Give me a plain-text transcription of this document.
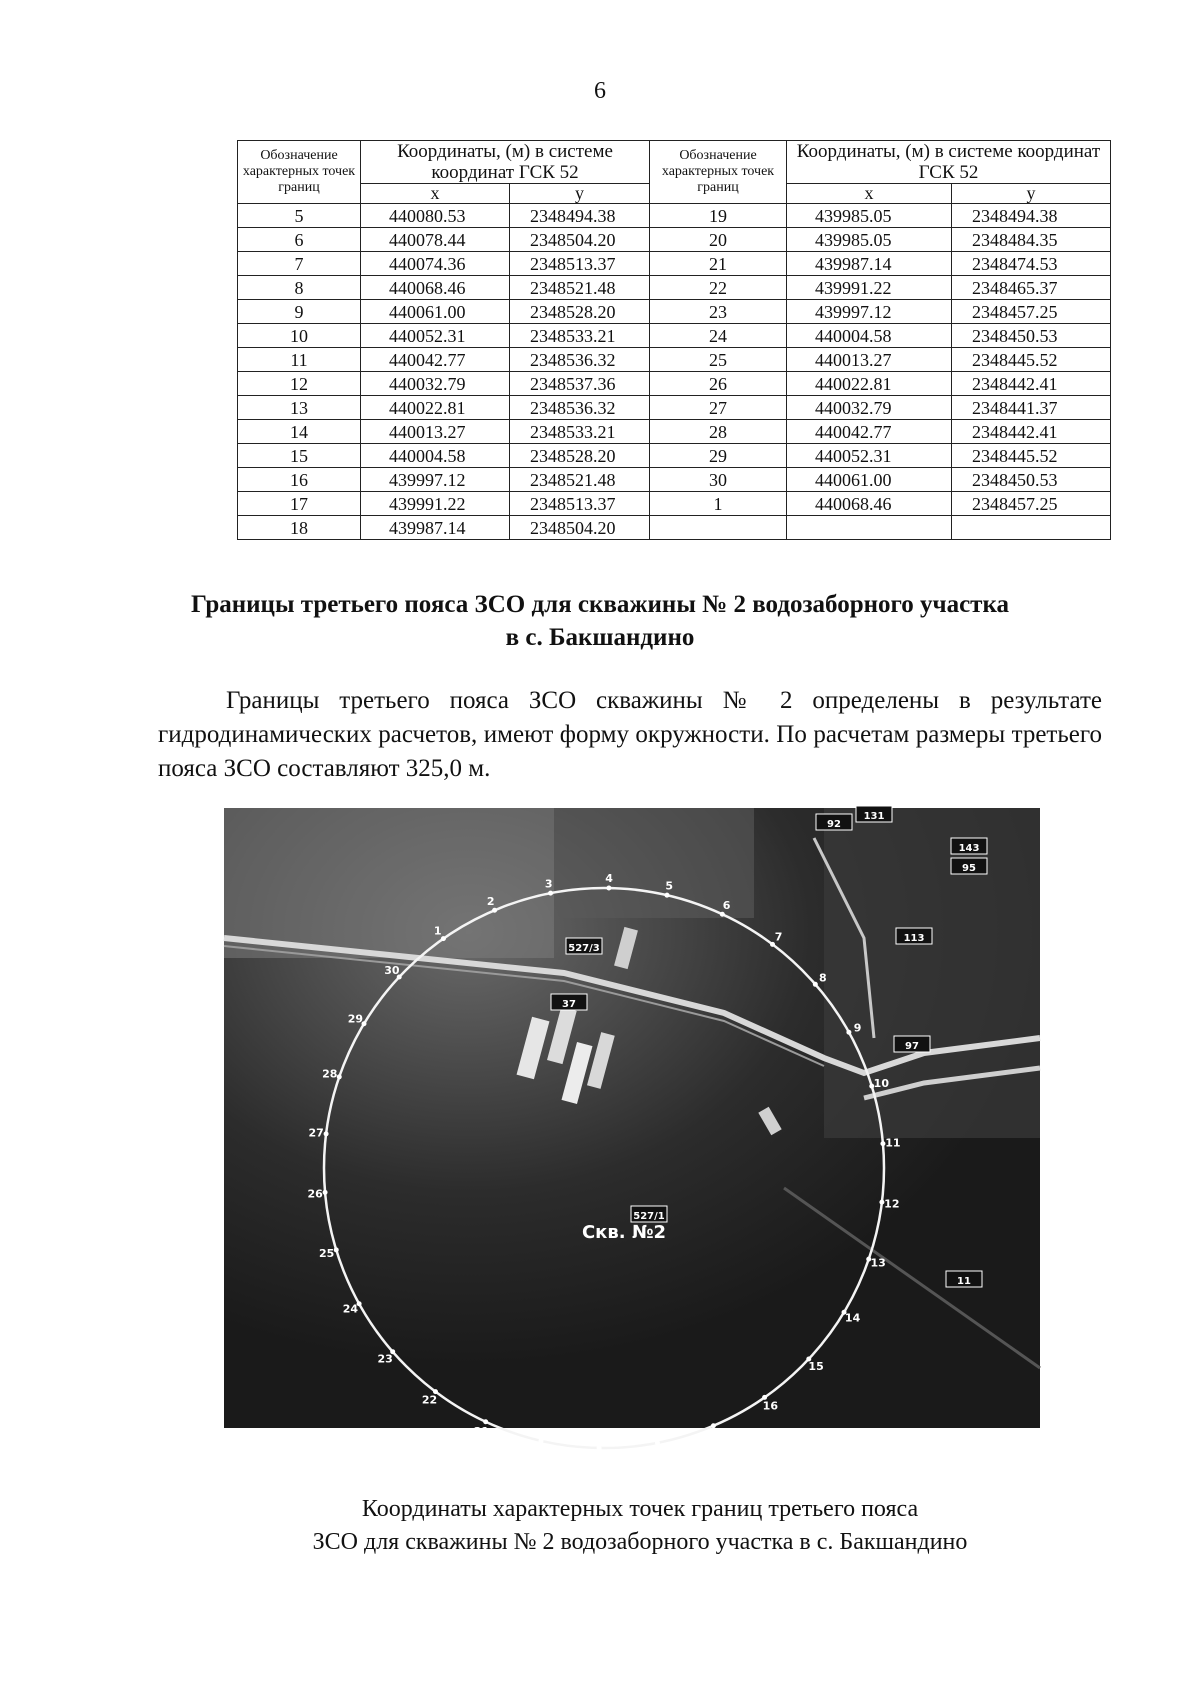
6
Обозначение характерных точек границ	Координаты, (м) в системе координат ГСК 52		Обозначение характерных точек границ	Координаты, (м) в системе координат ГСК 52	
	x	y		x	y
5	440080.53	2348494.38	19	439985.05	2348494.38
6	440078.44	2348504.20	20	439985.05	2348484.35
7	440074.36	2348513.37	21	439987.14	2348474.53
8	440068.46	2348521.48	22	439991.22	2348465.37
9	440061.00	2348528.20	23	439997.12	2348457.25
10	440052.31	2348533.21	24	440004.58	2348450.53
11	440042.77	2348536.32	25	440013.27	2348445.52
12	440032.79	2348537.36	26	440022.81	2348442.41
13	440022.81	2348536.32	27	440032.79	2348441.37
14	440013.27	2348533.21	28	440042.77	2348442.41
15	440004.58	2348528.20	29	440052.31	2348445.52
16	439997.12	2348521.48	30	440061.00	2348450.53
17	439991.22	2348513.37	1	440068.46	2348457.25
18	439987.14	2348504.20			
Границы третьего пояса ЗСО для скважины № 2 водозаборного участка
в с. Бакшандино

Границы третьего пояса ЗСО скважины № 2 определены в результате гидродинамических расчетов, имеют форму окружности. По расчетам размеры третьего пояса ЗСО составляют 325,0 м.

1
2
3	4
5
6
7
8
9
10
11
12
13
14
15
16
17
18
19
20
21
22
23
24
25
26
27
28
29
30
527/3
527/1
37
113
97
95
143
131
11
92
Скв. №2
Координаты характерных точек границ третьего пояса
ЗСО для скважины № 2 водозаборного участка в с. Бакшандино
